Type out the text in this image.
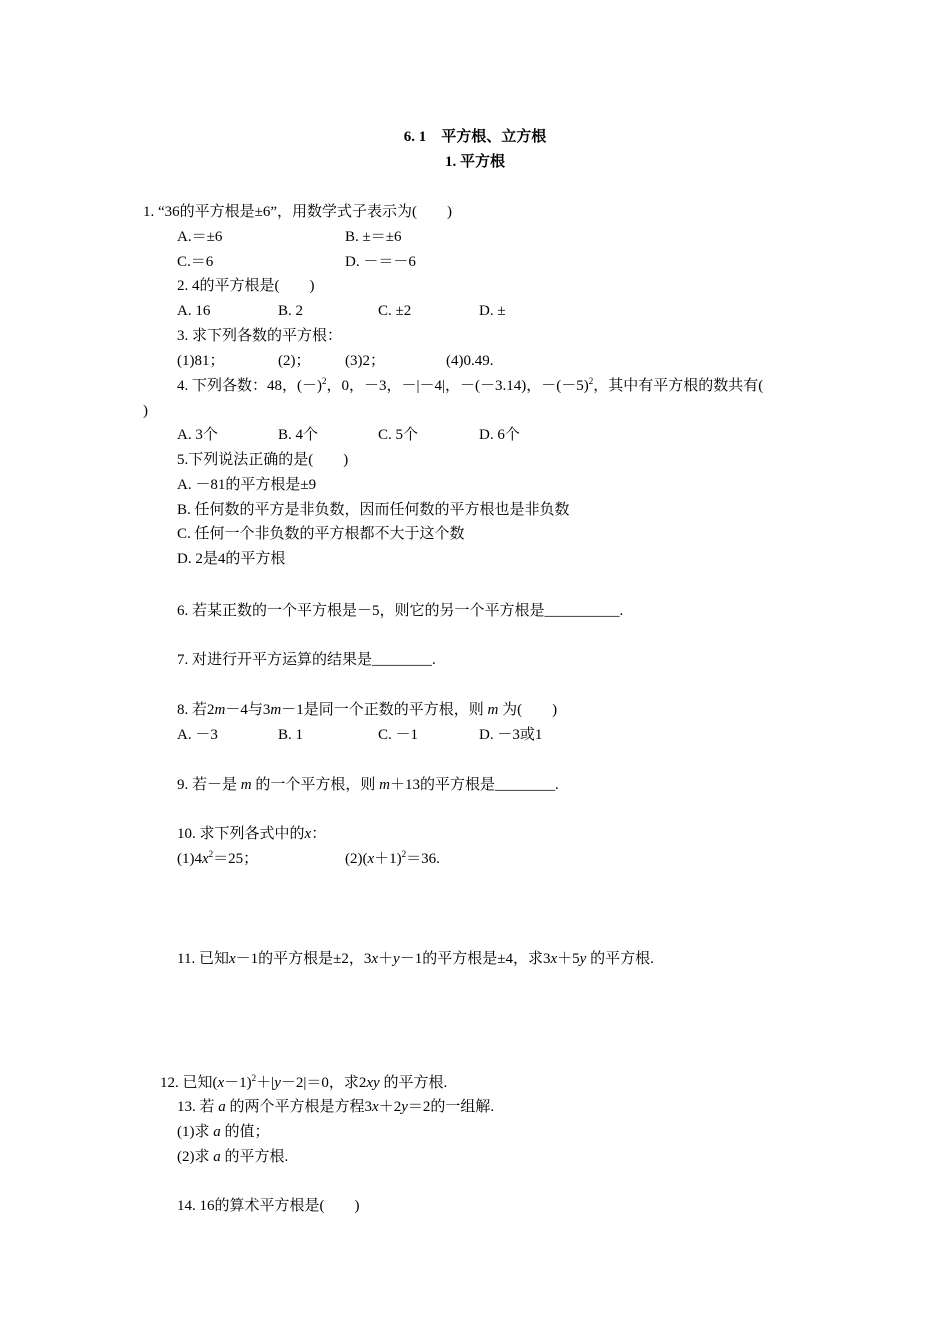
6. 1　平方根、立方根
1. 平方根
1. “36的平方根是±6”，用数学式子表示为(　　)
A.＝±6	B. ±＝±6
C.＝6	D. －＝－6
2. 4的平方根是(　　)
A. 16	B. 2	C. ±2	D. ±
3. 求下列各数的平方根：
(1)81；	(2)； (3)2；	(4)0.49.
4. 下列各数：48，$(-)^2$，0，－3，－|－4|，－(－3.14)，$-(-5)^2$，其中有平方根的数共有(
)
A. 3个	B. 4个	C. 5个	D. 6个
5.下列说法正确的是(　　)
A. －81的平方根是±9
B. 任何数的平方是非负数，因而任何数的平方根也是非负数
C. 任何一个非负数的平方根都不大于这个数
D. 2是4的平方根
6. 若某正数的一个平方根是－5，则它的另一个平方根是__________.
7. 对进行开平方运算的结果是________.
8. 若2m－4与3m－1是同一个正数的平方根，则 m 为(　　)
A. －3	B. 1	C. －1	D. －3或1
9. 若－是 m 的一个平方根，则 m＋13的平方根是________.
10. 求下列各式中的x：
$(1)4x^2=25$；	$(2)(x+1)^2=36$.
11. 已知x－1的平方根是±2，3x＋y－1的平方根是±4，求3x＋5y 的平方根.
12. 已知$(x-1)^2+|y-2|=0$，求2xy 的平方根.
13. 若 a 的两个平方根是方程3x＋2y＝2的一组解.
(1)求 a 的值；
(2)求 a 的平方根.
14. 16的算术平方根是(　　)
